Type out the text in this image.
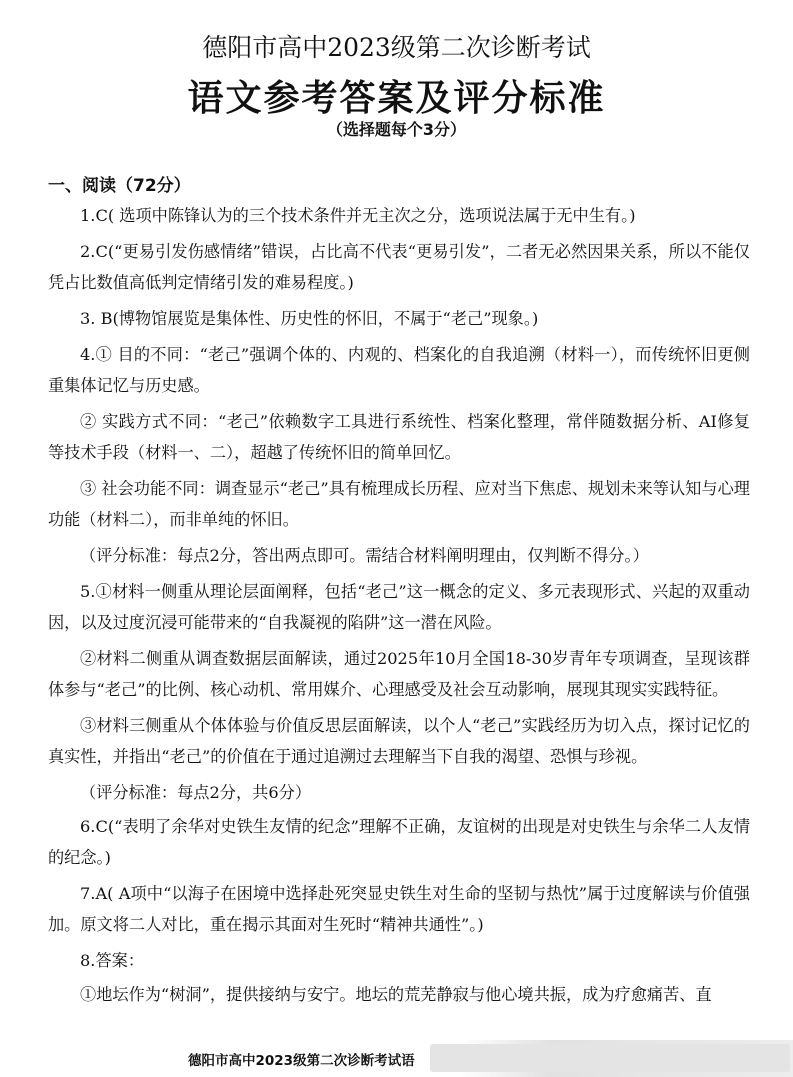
德阳市高中2023级第二次诊断考试
语文参考答案及评分标准
（选择题每个3分）
一、阅读（72分）

1.C( 选项中陈锋认为的三个技术条件并无主次之分，选项说法属于无中生有。)

2.C(“更易引发伤感情绪”错误，占比高不代表“更易引发”，二者无必然因果关系，所以不能仅凭占比数值高低判定情绪引发的难易程度。)

3. B(博物馆展览是集体性、历史性的怀旧，不属于“老己”现象。)

4.① 目的不同：“老己”强调个体的、内观的、档案化的自我追溯（材料一），而传统怀旧更侧重集体记忆与历史感。

② 实践方式不同：“老己”依赖数字工具进行系统性、档案化整理，常伴随数据分析、AI修复等技术手段（材料一、二），超越了传统怀旧的简单回忆。

③ 社会功能不同：调查显示“老己”具有梳理成长历程、应对当下焦虑、规划未来等认知与心理功能（材料二），而非单纯的怀旧。

（评分标准：每点2分，答出两点即可。需结合材料阐明理由，仅判断不得分。）

5.①材料一侧重从理论层面阐释，包括“老己”这一概念的定义、多元表现形式、兴起的双重动因，以及过度沉浸可能带来的“自我凝视的陷阱”这一潜在风险。

②材料二侧重从调查数据层面解读，通过2025年10月全国18-30岁青年专项调查，呈现该群体参与“老己”的比例、核心动机、常用媒介、心理感受及社会互动影响，展现其现实实践特征。

③材料三侧重从个体体验与价值反思层面解读，以个人“老己”实践经历为切入点，探讨记忆的真实性，并指出“老己”的价值在于通过追溯过去理解当下自我的渴望、恐惧与珍视。

（评分标准：每点2分，共6分）

6.C(“表明了余华对史铁生友情的纪念”理解不正确，友谊树的出现是对史铁生与余华二人友情的纪念。)

7.A( A项中“以海子在困境中选择赴死突显史铁生对生命的坚韧与热忱”属于过度解读与价值强加。原文将二人对比，重在揭示其面对生死时“精神共通性”。)

8.答案：

①地坛作为“树洞”，提供接纳与安宁。地坛的荒芜静寂与他心境共振，成为疗愈痛苦、直

德阳市高中2023级第二次诊断考试语
